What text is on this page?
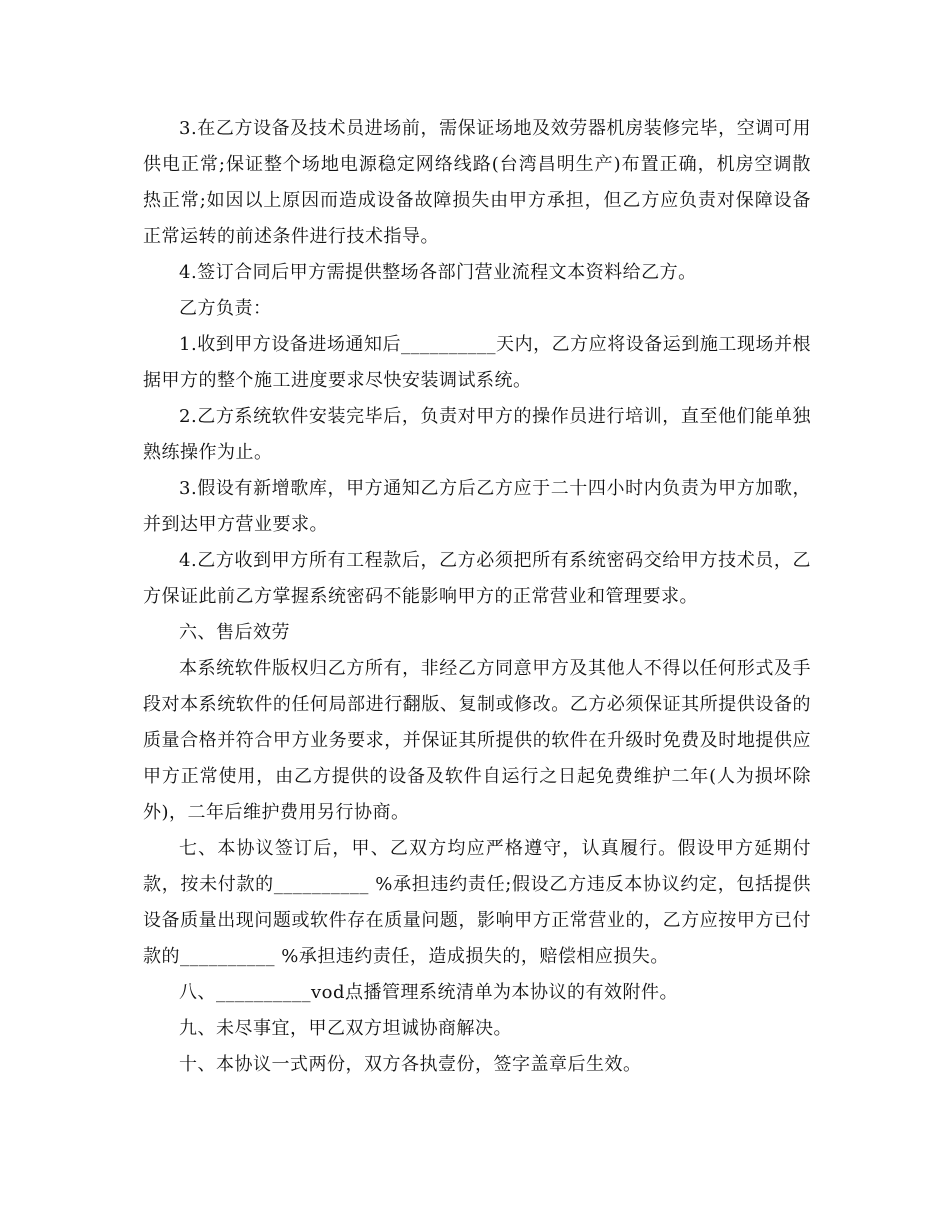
3.在乙方设备及技术员进场前，需保证场地及效劳器机房装修完毕，空调可用供电正常;保证整个场地电源稳定网络线路(台湾昌明生产)布置正确，机房空调散热正常;如因以上原因而造成设备故障损失由甲方承担，但乙方应负责对保障设备正常运转的前述条件进行技术指导。

4.签订合同后甲方需提供整场各部门营业流程文本资料给乙方。

乙方负责：

1.收到甲方设备进场通知后__________天内，乙方应将设备运到施工现场并根据甲方的整个施工进度要求尽快安装调试系统。

2.乙方系统软件安装完毕后，负责对甲方的操作员进行培训，直至他们能单独熟练操作为止。

3.假设有新增歌库，甲方通知乙方后乙方应于二十四小时内负责为甲方加歌，并到达甲方营业要求。

4.乙方收到甲方所有工程款后，乙方必须把所有系统密码交给甲方技术员，乙方保证此前乙方掌握系统密码不能影响甲方的正常营业和管理要求。

六、售后效劳

本系统软件版权归乙方所有，非经乙方同意甲方及其他人不得以任何形式及手段对本系统软件的任何局部进行翻版、复制或修改。乙方必须保证其所提供设备的质量合格并符合甲方业务要求，并保证其所提供的软件在升级时免费及时地提供应甲方正常使用，由乙方提供的设备及软件自运行之日起免费维护二年(人为损坏除外)，二年后维护费用另行协商。

七、本协议签订后，甲、乙双方均应严格遵守，认真履行。假设甲方延期付款，按未付款的__________ %承担违约责任;假设乙方违反本协议约定，包括提供设备质量出现问题或软件存在质量问题，影响甲方正常营业的，乙方应按甲方已付款的__________ %承担违约责任，造成损失的，赔偿相应损失。

八、__________vod点播管理系统清单为本协议的有效附件。

九、未尽事宜，甲乙双方坦诚协商解决。

十、本协议一式两份，双方各执壹份，签字盖章后生效。
